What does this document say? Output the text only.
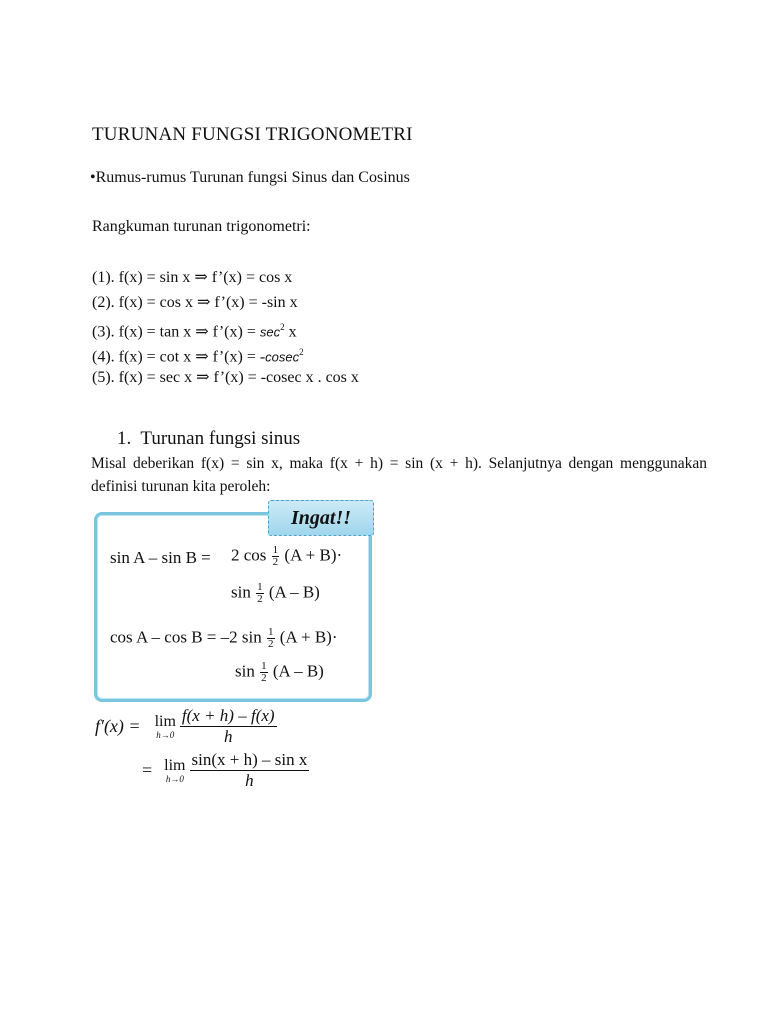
TURUNAN FUNGSI TRIGONOMETRI
•Rumus-rumus Turunan fungsi Sinus dan Cosinus
Rangkuman turunan trigonometri:
(1). f(x) = sin x ⇒ f’(x) = cos x
(2). f(x) = cos x ⇒ f’(x) = -sin x
(3). f(x) = tan x ⇒ f’(x) = $\sec^2 x$
(4). f(x) = cot x ⇒ f’(x) = -cosec$^2$
(5). f(x) = sec x ⇒ f’(x) = -cosec x . cos x
1. Turunan fungsi sinus
Misal deberikan f(x) = sin x, maka f(x + h) = sin (x + h). Selanjutnya dengan menggunakan definisi turunan kita peroleh:
Ingat!!
sin A – sin B = 2 $\cos \frac{1}{2} (A + B)\cdot$
$\sin \frac{1}{2} (A - B)$
cos A – cos B = –2 $\sin \frac{1}{2} (A + B)\cdot$
$\sin \frac{1}{2} (A - B)$
f′(x) = lim
h→0
$\frac{f(x + h) - f(x)}{h}$
= lim
h→0
$\frac{\text{sin(x + h) – sin x}}{h}$
